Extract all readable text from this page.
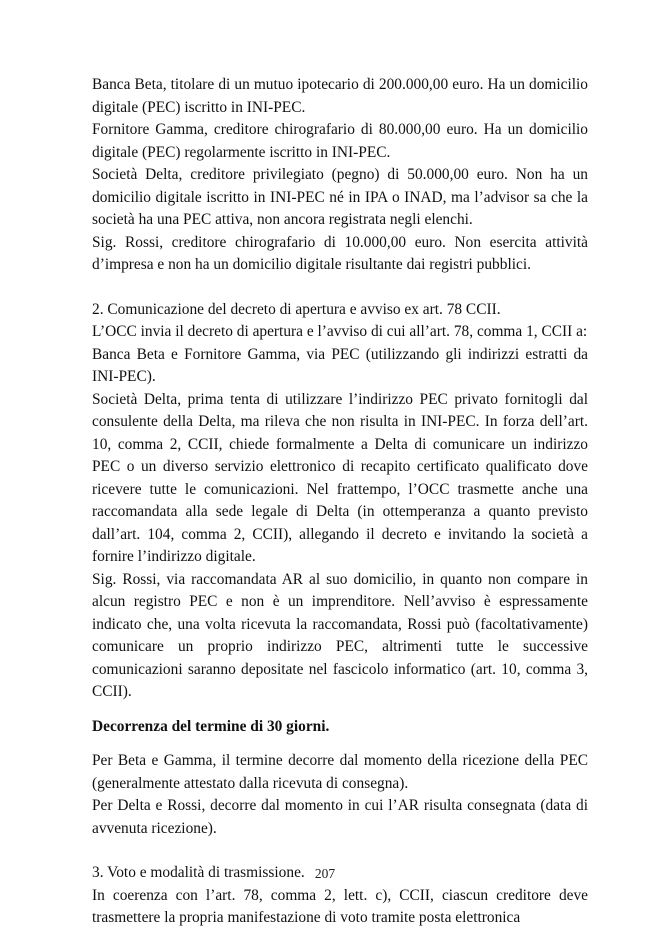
Banca Beta, titolare di un mutuo ipotecario di 200.000,00 euro. Ha un domicilio digitale (PEC) iscritto in INI-PEC.

Fornitore Gamma, creditore chirografario di 80.000,00 euro. Ha un domicilio digitale (PEC) regolarmente iscritto in INI-PEC.

Società Delta, creditore privilegiato (pegno) di 50.000,00 euro. Non ha un domicilio digitale iscritto in INI-PEC né in IPA o INAD, ma l’advisor sa che la società ha una PEC attiva, non ancora registrata negli elenchi.

Sig. Rossi, creditore chirografario di 10.000,00 euro. Non esercita attività d’impresa e non ha un domicilio digitale risultante dai registri pubblici.

2. Comunicazione del decreto di apertura e avviso ex art. 78 CCII.

L’OCC invia il decreto di apertura e l’avviso di cui all’art. 78, comma 1, CCII a:

Banca Beta e Fornitore Gamma, via PEC (utilizzando gli indirizzi estratti da INI-PEC).

Società Delta, prima tenta di utilizzare l’indirizzo PEC privato fornitogli dal consulente della Delta, ma rileva che non risulta in INI-PEC. In forza dell’art. 10, comma 2, CCII, chiede formalmente a Delta di comunicare un indirizzo PEC o un diverso servizio elettronico di recapito certificato qualificato dove ricevere tutte le comunicazioni. Nel frattempo, l’OCC trasmette anche una raccomandata alla sede legale di Delta (in ottemperanza a quanto previsto dall’art. 104, comma 2, CCII), allegando il decreto e invitando la società a fornire l’indirizzo digitale.

Sig. Rossi, via raccomandata AR al suo domicilio, in quanto non compare in alcun registro PEC e non è un imprenditore. Nell’avviso è espressamente indicato che, una volta ricevuta la raccomandata, Rossi può (facoltativamente) comunicare un proprio indirizzo PEC, altrimenti tutte le successive comunicazioni saranno depositate nel fascicolo informatico (art. 10, comma 3, CCII).

Decorrenza del termine di 30 giorni.

Per Beta e Gamma, il termine decorre dal momento della ricezione della PEC (generalmente attestato dalla ricevuta di consegna).

Per Delta e Rossi, decorre dal momento in cui l’AR risulta consegnata (data di avvenuta ricezione).

3. Voto e modalità di trasmissione.

In coerenza con l’art. 78, comma 2, lett. c), CCII, ciascun creditore deve trasmettere la propria manifestazione di voto tramite posta elettronica

207
